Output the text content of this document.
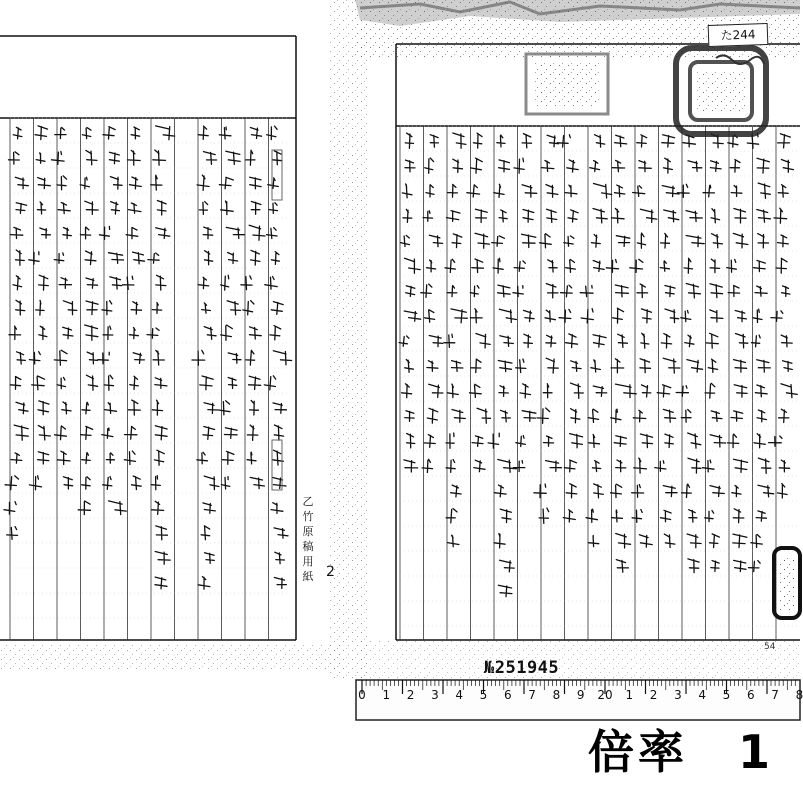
た244
乙竹原稿用紙 2
№251945
54
0 1 2 3 4 5 6 7 8 9 20 1 2 3 4 5 6 7 8
倍率　1
